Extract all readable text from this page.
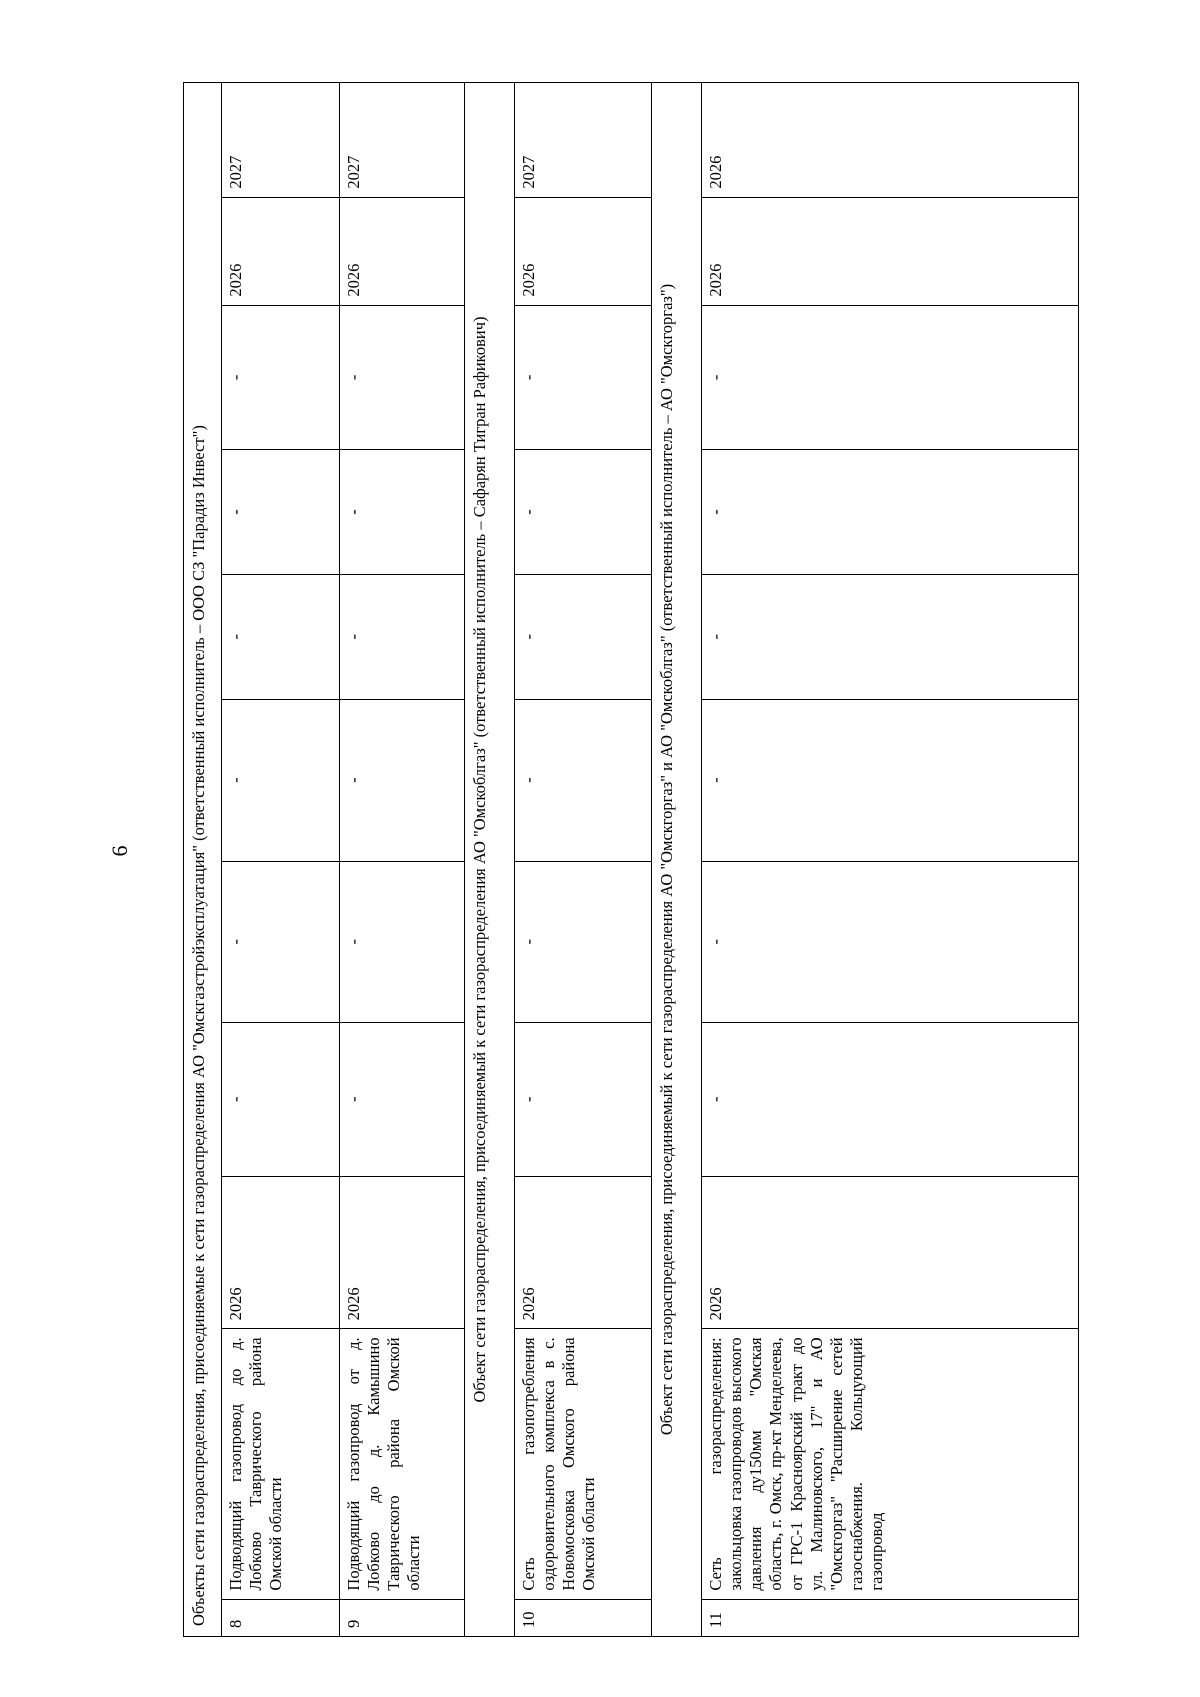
6	Объекты сети газораспределения, присоединяемые к сети газораспределения АО "Омскгазстройэксплуатация" (ответственный исполнитель – ООО СЗ "Парадиз Инвест")										
8	Подводящий газопровод до д. Лобково Таврического района Омской области	2026	-	-	-	-	-	-	2026	2027
9	Подводящий газопровод от д. Лобково до д. Камышино Таврического района Омской области	2026	-	-	-	-	-	-	2026	2027
Объект сети газораспределения, присоединяемый к сети газораспределения АО "Омскоблгаз" (ответственный исполнитель – Сафарян Тигран Рафикович)										
10	Сеть газопотребления оздоровительного комплекса в с. Новомосковка Омского района Омской области	2026	-	-	-	-	-	-	2026	2027
Объект сети газораспределения, присоединяемый к сети газораспределения АО "Омскгоргаз" и АО "Омскоблгаз" (ответственный исполнитель – АО "Омскгоргаз")										
11	Сеть газораспределения: закольцовка газопроводов высокого давления ду150мм "Омская область, г. Омск, пр-кт Менделеева, от ГРС-1 Красноярский тракт до ул. Малиновского, 17" и АО "Омскгоргаз" "Расширение сетей газоснабжения. Кольцующий газопровод	2026	-	-	-	-	-	-	2026	2026
